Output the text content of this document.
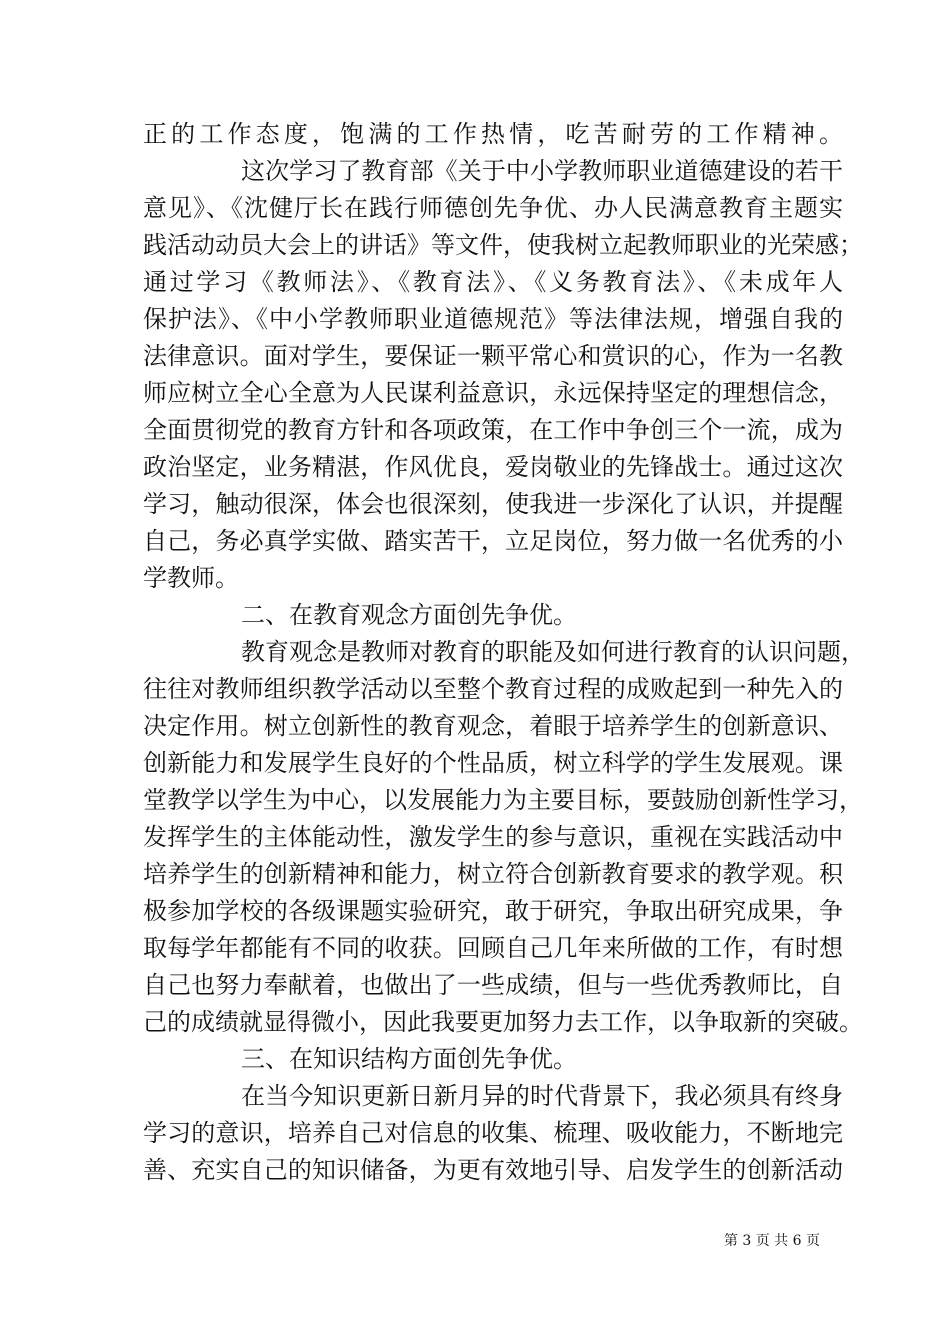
正的工作态度，饱满的工作热情，吃苦耐劳的工作精神。
这次学习了教育部《关于中小学教师职业道德建设的若干
意见》、《沈健厅长在践行师德创先争优、办人民满意教育主题实
践活动动员大会上的讲话》等文件，使我树立起教师职业的光荣感；
通过学习《教师法》、《教育法》、《义务教育法》、《未成年人
保护法》、《中小学教师职业道德规范》等法律法规，增强自我的
法律意识。面对学生，要保证一颗平常心和赏识的心，作为一名教
师应树立全心全意为人民谋利益意识，永远保持坚定的理想信念，
全面贯彻党的教育方针和各项政策，在工作中争创三个一流，成为
政治坚定，业务精湛，作风优良，爱岗敬业的先锋战士。通过这次
学习，触动很深，体会也很深刻，使我进一步深化了认识，并提醒
自己，务必真学实做、踏实苦干，立足岗位，努力做一名优秀的小
学教师。
二、在教育观念方面创先争优。
教育观念是教师对教育的职能及如何进行教育的认识问题，
往往对教师组织教学活动以至整个教育过程的成败起到一种先入的
决定作用。树立创新性的教育观念，着眼于培养学生的创新意识、
创新能力和发展学生良好的个性品质，树立科学的学生发展观。课
堂教学以学生为中心，以发展能力为主要目标，要鼓励创新性学习，
发挥学生的主体能动性，激发学生的参与意识，重视在实践活动中
培养学生的创新精神和能力，树立符合创新教育要求的教学观。积
极参加学校的各级课题实验研究，敢于研究，争取出研究成果，争
取每学年都能有不同的收获。回顾自己几年来所做的工作，有时想
自己也努力奉献着，也做出了一些成绩，但与一些优秀教师比，自
己的成绩就显得微小，因此我要更加努力去工作，以争取新的突破。
三、在知识结构方面创先争优。
在当今知识更新日新月异的时代背景下，我必须具有终身
学习的意识，培养自己对信息的收集、梳理、吸收能力，不断地完
善、充实自己的知识储备，为更有效地引导、启发学生的创新活动
第 3 页 共 6 页
